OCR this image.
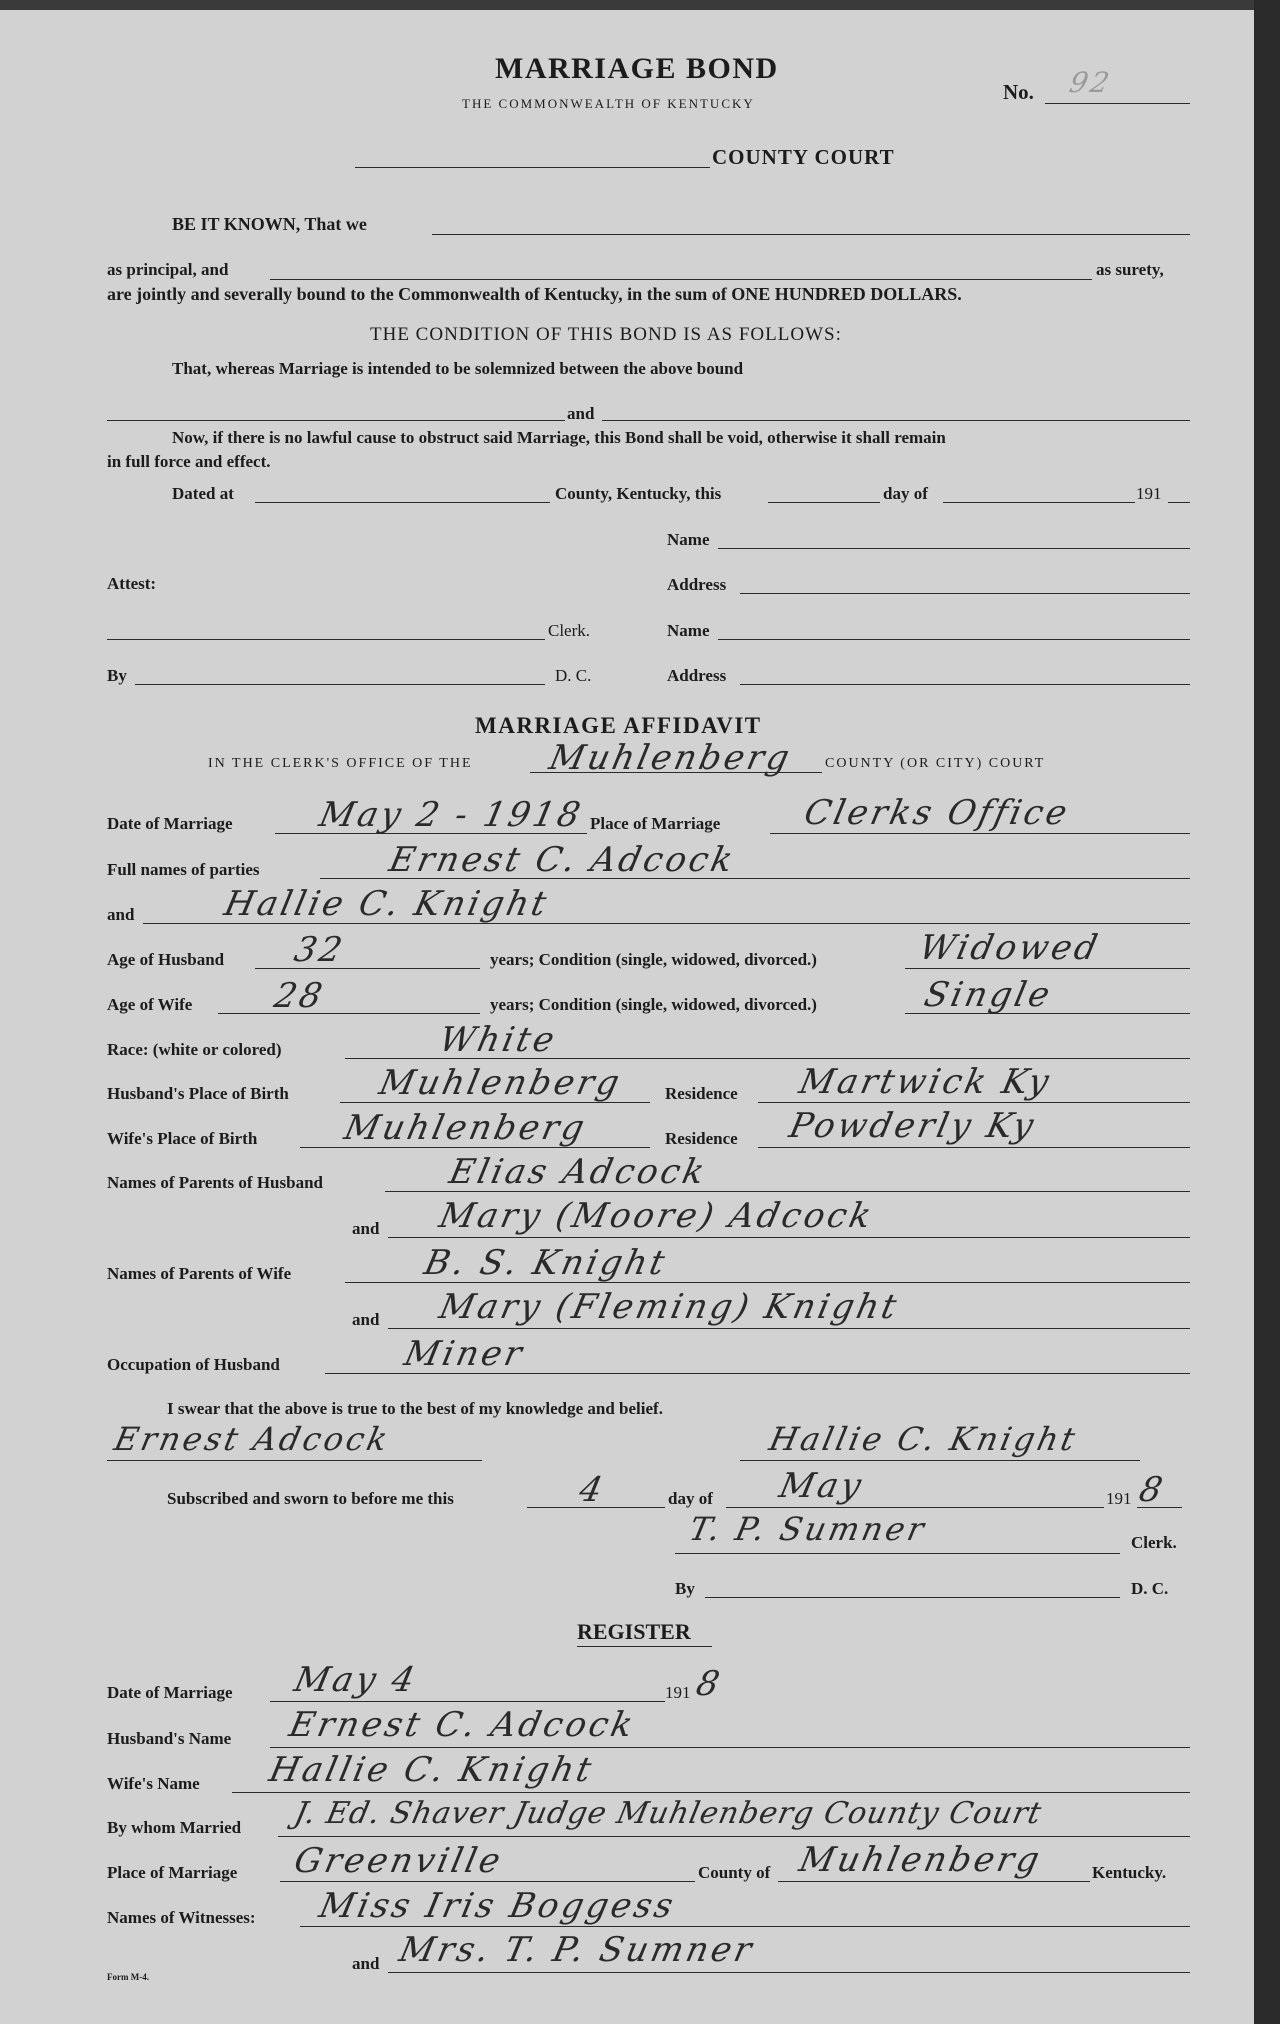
MARRIAGE BOND
THE COMMONWEALTH OF KENTUCKY	No. 92
COUNTY COURT
BE IT KNOWN, That we
as principal, and	as surety,
are jointly and severally bound to the Commonwealth of Kentucky, in the sum of ONE HUNDRED DOLLARS.
THE CONDITION OF THIS BOND IS AS FOLLOWS:
That, whereas Marriage is intended to be solemnized between the above bound
and
Now, if there is no lawful cause to obstruct said Marriage, this Bond shall be void, otherwise it shall remain
in full force and effect.
Dated at	County, Kentucky, this	day of	191
Name
Attest:	Address
Clerk.	Name
By	D. C.	Address
MARRIAGE AFFIDAVIT
IN THE CLERK'S OFFICE OF THE Muhlenberg COUNTY (OR CITY) COURT
Date of Marriage May 2 - 1918 Place of Marriage Clerks Office
Full names of parties	Ernest C. Adcock
and	Hallie C. Knight
Age of Husband 32	years; Condition (single, widowed, divorced.)	Widowed
Age of Wife 28	years; Condition (single, widowed, divorced.)	Single
Race: (white or colored)	White
Husband's Place of Birth	Muhlenberg Residence Martwick Ky
Wife's Place of Birth Muhlenberg	Residence Powderly Ky
Names of Parents of Husband	Elias Adcock
and Mary (Moore) Adcock
Names of Parents of Wife	B. S. Knight
and Mary (Fleming) Knight
Occupation of Husband	Miner
I swear that the above is true to the best of my knowledge and belief.
Ernest Adcock	Hallie C. Knight
Subscribed and sworn to before me this	4	day of May	191 8
T. P. Sumner	Clerk.
By	D. C.
REGISTER
Date of Marriage May 4	191 8
Husband's Name Ernest C. Adcock
Wife's Name Hallie C. Knight
By whom Married J. Ed. Shaver Judge Muhlenberg County Court
Place of Marriage Greenville	County of Muhlenberg	Kentucky.
Names of Witnesses: Miss Iris Boggess
and Mrs. T. P. Sumner
Form M-4.
